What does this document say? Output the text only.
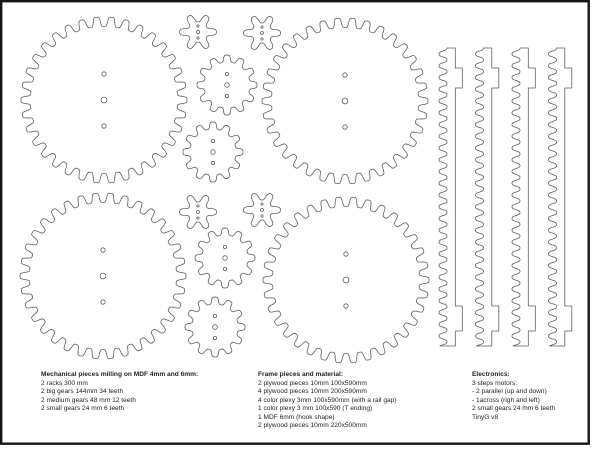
Mechanical pieces milling on MDF 4mm and 6mm:
2 racks 300 mm
2 big gears 144mm 34 teeth
2 medium gears 48 mm 12 teeth
2 small gears 24 mm 6 teeth
Frame pieces and material:
2 plywood pieces 10mm 100x590mm
4 plywood pieces 10mm 200x590mm
4 color plexy 3mm 100x590mm (with a rail gap)
1 color plexy 3 mm 100x590 (T ending)
1 MDF 6mm (hook shape)
2 plywood pieces 10mm 220x500mm
Electronics:
3 steps motors:
- 2 parallel (up and down)
- 1across (righ and left)
2 small gears 24 mm 6 teeth
TinyG v8
